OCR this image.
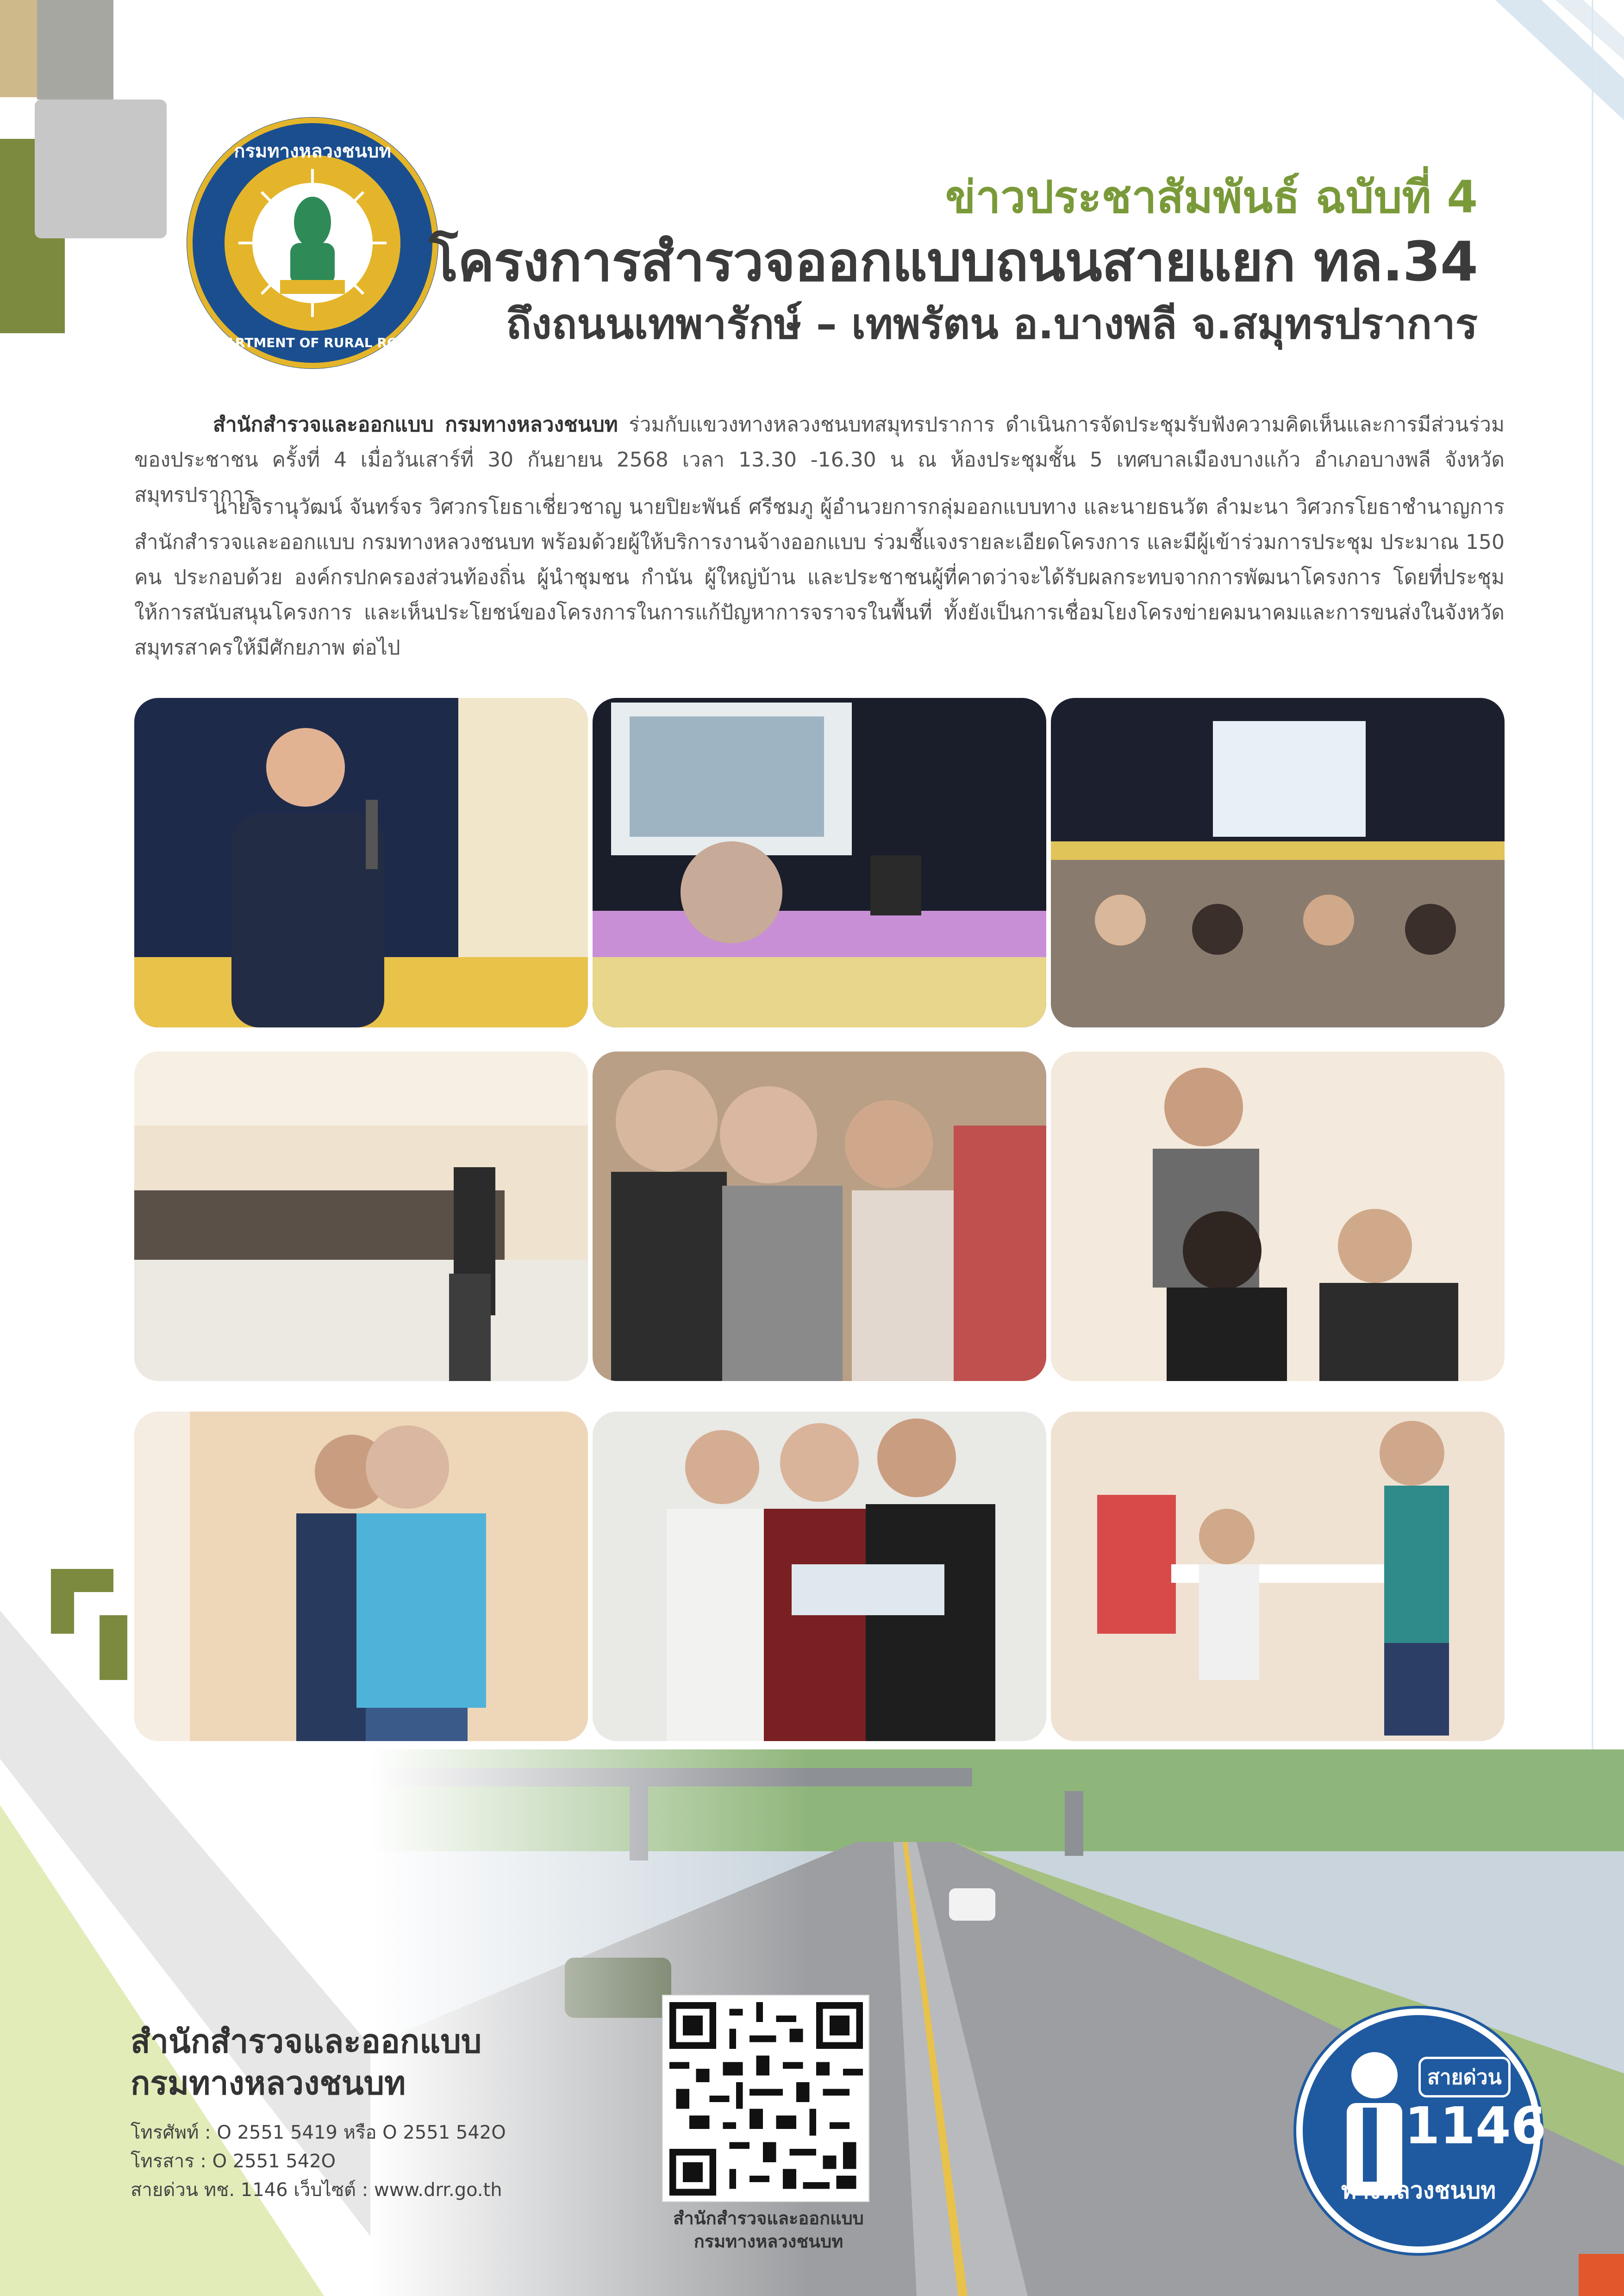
กรมทางหลวงชนบท
DEPARTMENT OF RURAL ROADS
ข่าวประชาสัมพันธ์ ฉบับที่ 4
โครงการสำรวจออกแบบถนนสายแยก ทล.34
ถึงถนนเทพารักษ์ – เทพรัตน อ.บางพลี จ.สมุทรปราการ
สำนักสำรวจและออกแบบ กรมทางหลวงชนบท ร่วมกับแขวงทางหลวงชนบทสมุทรปราการ ดำเนินการจัดประชุมรับฟังความคิดเห็นและการมีส่วนร่วมของประชาชน ครั้งที่ 4 เมื่อวันเสาร์ที่ 30 กันยายน 2568 เวลา 13.30 -16.30 น ณ ห้องประชุมชั้น 5 เทศบาลเมืองบางแก้ว อำเภอบางพลี จังหวัดสมุทรปราการ
นายจิรานุวัฒน์ จันทร์จร วิศวกรโยธาเชี่ยวชาญ นายปิยะพันธ์ ศรีชมภู ผู้อำนวยการกลุ่มออกแบบทาง และนายธนวัต ลำมะนา วิศวกรโยธาชำนาญการ สำนักสำรวจและออกแบบ กรมทางหลวงชนบท พร้อมด้วยผู้ให้บริการงานจ้างออกแบบ ร่วมชี้แจงรายละเอียดโครงการ และมีผู้เข้าร่วมการประชุม ประมาณ 150 คน ประกอบด้วย องค์กรปกครองส่วนท้องถิ่น ผู้นำชุมชน กำนัน ผู้ใหญ่บ้าน และประชาชนผู้ที่คาดว่าจะได้รับผลกระทบจากการพัฒนาโครงการ โดยที่ประชุมให้การสนับสนุนโครงการ และเห็นประโยชน์ของโครงการในการแก้ปัญหาการจราจรในพื้นที่ ทั้งยังเป็นการเชื่อมโยงโครงข่ายคมนาคมและการขนส่งในจังหวัดสมุทรสาครให้มีศักยภาพ ต่อไป
สำนักสำรวจและออกแบบ
กรมทางหลวงชนบท
โทรศัพท์ : O 2551 5419 หรือ O 2551 542O
โทรสาร : O 2551 542O
สายด่วน ทช. 1146 เว็บไซต์ : www.drr.go.th
สำนักสำรวจและออกแบบ
กรมทางหลวงชนบท
สายด่วน
1146
ทางหลวงชนบท
